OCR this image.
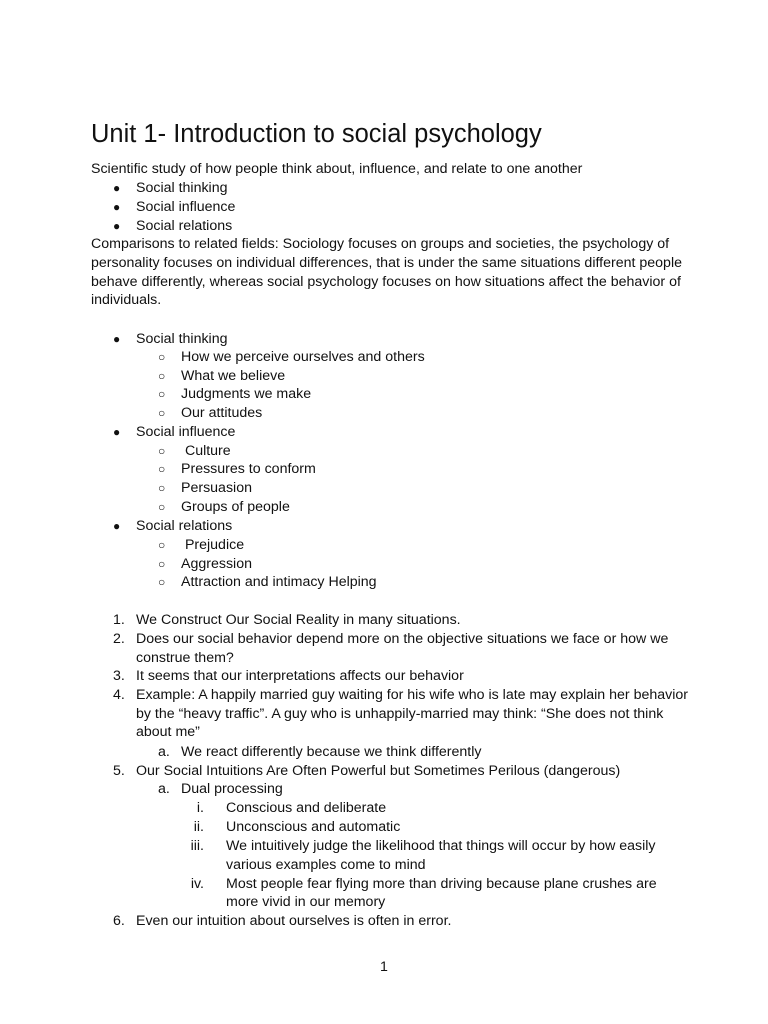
Unit 1- Introduction to social psychology
Scientific study of how people think about, influence, and relate to one another
● Social thinking
● Social influence
● Social relations
Comparisons to related fields: Sociology focuses on groups and societies, the psychology of
personality focuses on individual differences, that is under the same situations different people
behave differently, whereas social psychology focuses on how situations affect the behavior of
individuals.
● Social thinking
○ How we perceive ourselves and others
○ What we believe
○ Judgments we make
○ Our attitudes
● Social influence
○ Culture
○ Pressures to conform
○ Persuasion
○ Groups of people
● Social relations
○ Prejudice
○ Aggression
○ Attraction and intimacy Helping
1. We Construct Our Social Reality in many situations.
2. Does our social behavior depend more on the objective situations we face or how we
construe them?
3. It seems that our interpretations affects our behavior
4. Example: A happily married guy waiting for his wife who is late may explain her behavior
by the “heavy traffic”. A guy who is unhappily-married may think: “She does not think
about me”
a. We react differently because we think differently
5. Our Social Intuitions Are Often Powerful but Sometimes Perilous (dangerous)
a. Dual processing
i. Conscious and deliberate
ii. Unconscious and automatic
iii. We intuitively judge the likelihood that things will occur by how easily
various examples come to mind
iv. Most people fear flying more than driving because plane crushes are
more vivid in our memory
6. Even our intuition about ourselves is often in error.
1
